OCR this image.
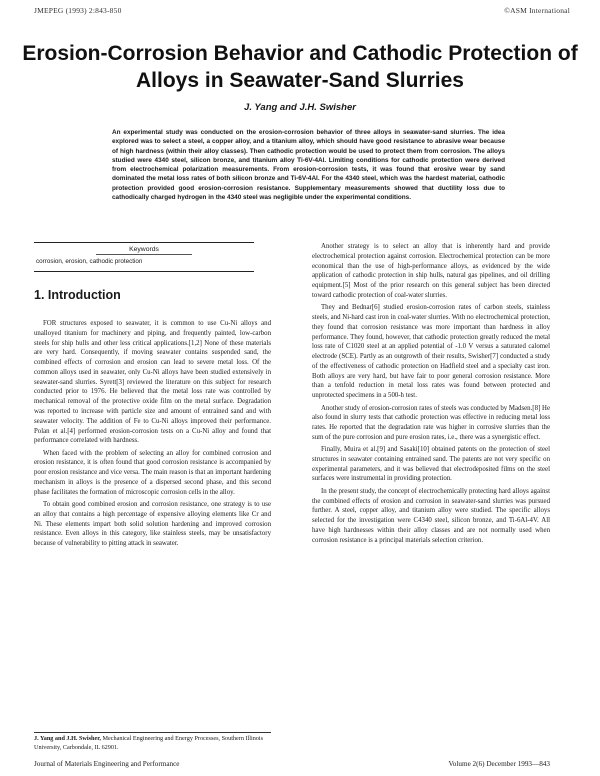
JMEPEG (1993) 2:843-850	©ASM International
Erosion-Corrosion Behavior and Cathodic Protection of Alloys in Seawater-Sand Slurries
J. Yang and J.H. Swisher
An experimental study was conducted on the erosion-corrosion behavior of three alloys in seawater-sand slurries. The idea explored was to select a steel, a copper alloy, and a titanium alloy, which should have good resistance to abrasive wear because of high hardness (within their alloy classes). Then cathodic protection would be used to protect them from corrosion. The alloys studied were 4340 steel, silicon bronze, and titanium alloy Ti-6V-4Al. Limiting conditions for cathodic protection were derived from electrochemical polarization measurements. From erosion-corrosion tests, it was found that erosive wear by sand dominated the metal loss rates of both silicon bronze and Ti-6V-4Al. For the 4340 steel, which was the hardest material, cathodic protection provided good erosion-corrosion resistance. Supplementary measurements showed that ductility loss due to cathodically charged hydrogen in the 4340 steel was negligible under the experimental conditions.
Keywords
corrosion, erosion, cathodic protection
1. Introduction

FOR structures exposed to seawater, it is common to use Cu-Ni alloys and unalloyed titanium for machinery and piping, and frequently painted, low-carbon steels for ship hulls and other less critical applications.[1,2] None of these materials are very hard. Consequently, if moving seawater contains suspended sand, the combined effects of corrosion and erosion can lead to severe metal loss. Of the common alloys used in seawater, only Cu-Ni alloys have been studied extensively in seawater-sand slurries. Syrett[3] reviewed the literature on this subject for research conducted prior to 1976. He believed that the metal loss rate was controlled by mechanical removal of the protective oxide film on the metal surface. Degradation was reported to increase with particle size and amount of entrained sand and with seawater velocity. The addition of Fe to Cu-Ni alloys improved their performance. Polan et al.[4] performed erosion-corrosion tests on a Cu-Ni alloy and found that performance correlated with hardness.

When faced with the problem of selecting an alloy for combined corrosion and erosion resistance, it is often found that good corrosion resistance is accompanied by poor erosion resistance and vice versa. The main reason is that an important hardening mechanism in alloys is the presence of a dispersed second phase, and this second phase facilitates the formation of microscopic corrosion cells in the alloy.

To obtain good combined erosion and corrosion resistance, one strategy is to use an alloy that contains a high percentage of expensive alloying elements like Cr and Ni. These elements impart both solid solution hardening and improved corrosion resistance. Even alloys in this category, like stainless steels, may be unsatisfactory because of vulnerability to pitting attack in seawater.

Another strategy is to select an alloy that is inherently hard and provide electrochemical protection against corrosion. Electrochemical protection can be more economical than the use of high-performance alloys, as evidenced by the wide application of cathodic protection in ship hulls, natural gas pipelines, and oil drilling equipment.[5] Most of the prior research on this general subject has been directed toward cathodic protection of coal-water slurries.

They and Bednar[6] studied erosion-corrosion rates of carbon steels, stainless steels, and Ni-hard cast iron in coal-water slurries. With no electrochemical protection, they found that corrosion resistance was more important than hardness in alloy performance. They found, however, that cathodic protection greatly reduced the metal loss rate of C1020 steel at an applied potential of -1.0 V versus a saturated calomel electrode (SCE). Partly as an outgrowth of their results, Swisher[7] conducted a study of the effectiveness of cathodic protection on Hadfield steel and a specialty cast iron. Both alloys are very hard, but have fair to poor general corrosion resistance. More than a tenfold reduction in metal loss rates was found between protected and unprotected specimens in a 500-h test.

Another study of erosion-corrosion rates of steels was conducted by Madsen.[8] He also found in slurry tests that cathodic protection was effective in reducing metal loss rates. He reported that the degradation rate was higher in corrosive slurries than the sum of the pure corrosion and pure erosion rates, i.e., there was a synergistic effect.

Finally, Muira et al.[9] and Sasaki[10] obtained patents on the protection of steel structures in seawater containing entrained sand. The patents are not very specific on experimental parameters, and it was believed that electrodeposited films on the steel surfaces were instrumental in providing protection.

In the present study, the concept of electrochemically protecting hard alloys against the combined effects of erosion and corrosion in seawater-sand slurries was pursued further. A steel, copper alloy, and titanium alloy were studied. The specific alloys selected for the investigation were C4340 steel, silicon bronze, and Ti-6Al-4V. All have high hardnesses within their alloy classes and are not normally used when corrosion resistance is a principal materials selection criterion.

J. Yang and J.H. Swisher, Mechanical Engineering and Energy Processes, Southern Illinois University, Carbondale, IL 62901.
Journal of Materials Engineering and Performance	Volume 2(6) December 1993—843
